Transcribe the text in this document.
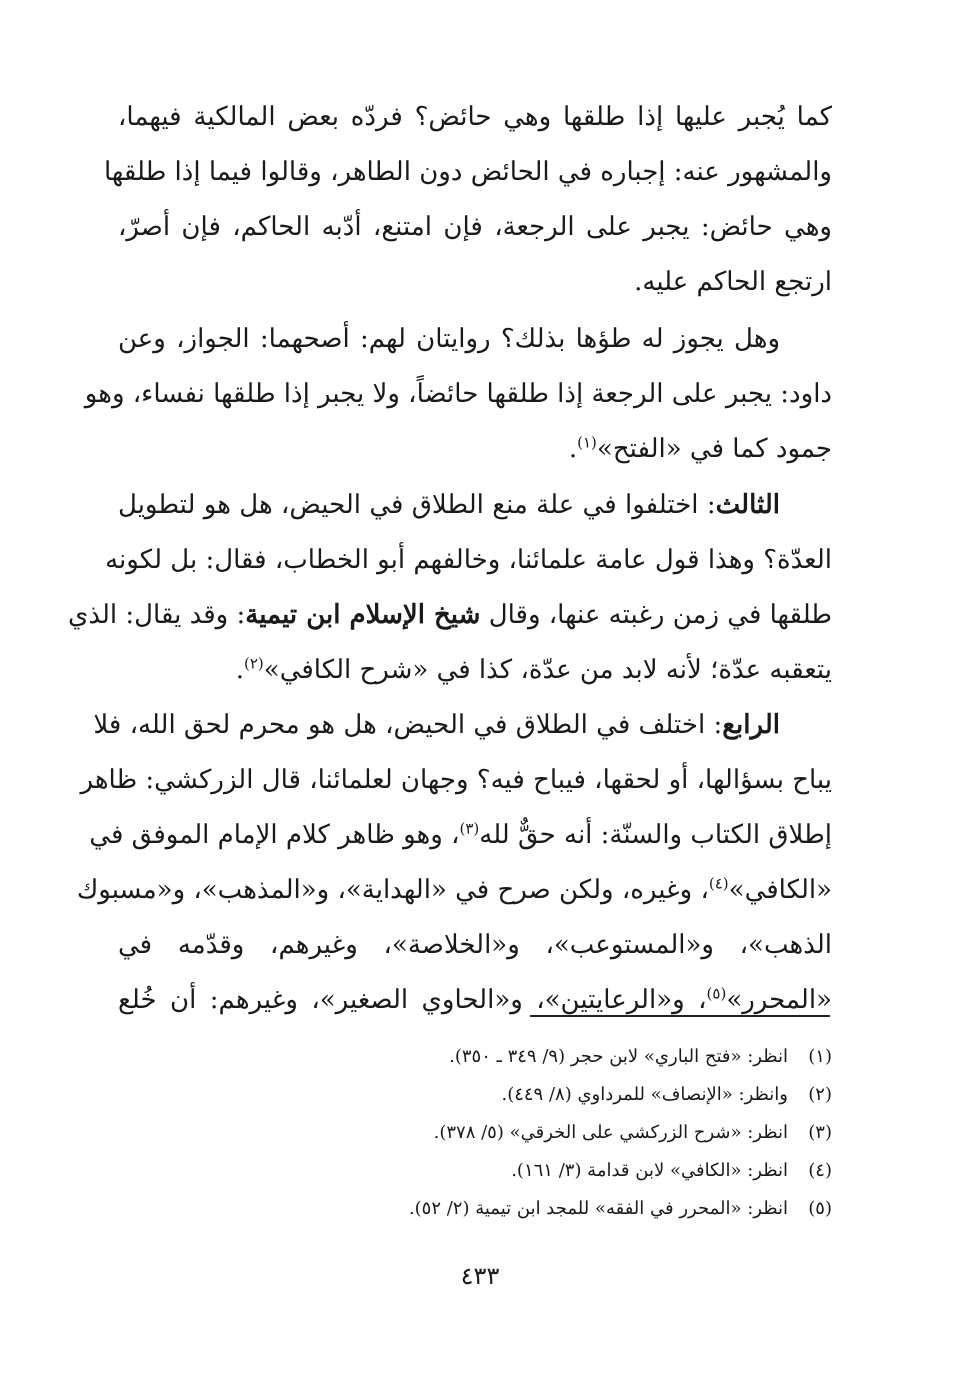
كما يُجبر عليها إذا طلقها وهي حائض؟ فردّه بعض المالكية فيهما،
والمشهور عنه: إجباره في الحائض دون الطاهر، وقالوا فيما إذا طلقها
وهي حائض: يجبر على الرجعة، فإن امتنع، أدّبه الحاكم، فإن أصرّ،
ارتجع الحاكم عليه.
  وهل يجوز له طؤها بذلك؟ روايتان لهم: أصحهما: الجواز، وعن
داود: يجبر على الرجعة إذا طلقها حائضاً، ولا يجبر إذا طلقها نفساء، وهو
جمود كما في «الفتح»$^{(١)}$.
  الثالث: اختلفوا في علة منع الطلاق في الحيض، هل هو لتطويل
العدّة؟ وهذا قول عامة علمائنا، وخالفهم أبو الخطاب، فقال: بل لكونه
طلقها في زمن رغبته عنها، وقال شيخ الإسلام ابن تيمية: وقد يقال: الذي
يتعقبه عدّة؛ لأنه لابد من عدّة، كذا في «شرح الكافي»$^{(٢)}$.
  الرابع: اختلف في الطلاق في الحيض، هل هو محرم لحق الله، فلا
يباح بسؤالها، أو لحقها، فيباح فيه؟ وجهان لعلمائنا، قال الزركشي: ظاهر
إطلاق الكتاب والسنّة: أنه حقٌّ لله$^{(٣)}$، وهو ظاهر كلام الإمام الموفق في
«الكافي»$^{(٤)}$، وغيره، ولكن صرح في «الهداية»، و«المذهب»، و«مسبوك
الذهب»، و«المستوعب»، و«الخلاصة»، وغيرهم، وقدّمه في
«المحرر»$^{(٥)}$، و«الرعايتين»، و«الحاوي الصغير»، وغيرهم: أن خُلع
(١)انظر: «فتح الباري» لابن حجر (٩/ ٣٤٩ ـ ٣٥٠).
(٢)وانظر: «الإنصاف» للمرداوي (٨/ ٤٤٩).
(٣)انظر: «شرح الزركشي على الخرقي» (٥/ ٣٧٨).
(٤)انظر: «الكافي» لابن قدامة (٣/ ١٦١).
(٥)انظر: «المحرر في الفقه» للمجد ابن تيمية (٢/ ٥٢).
٤٣٣
